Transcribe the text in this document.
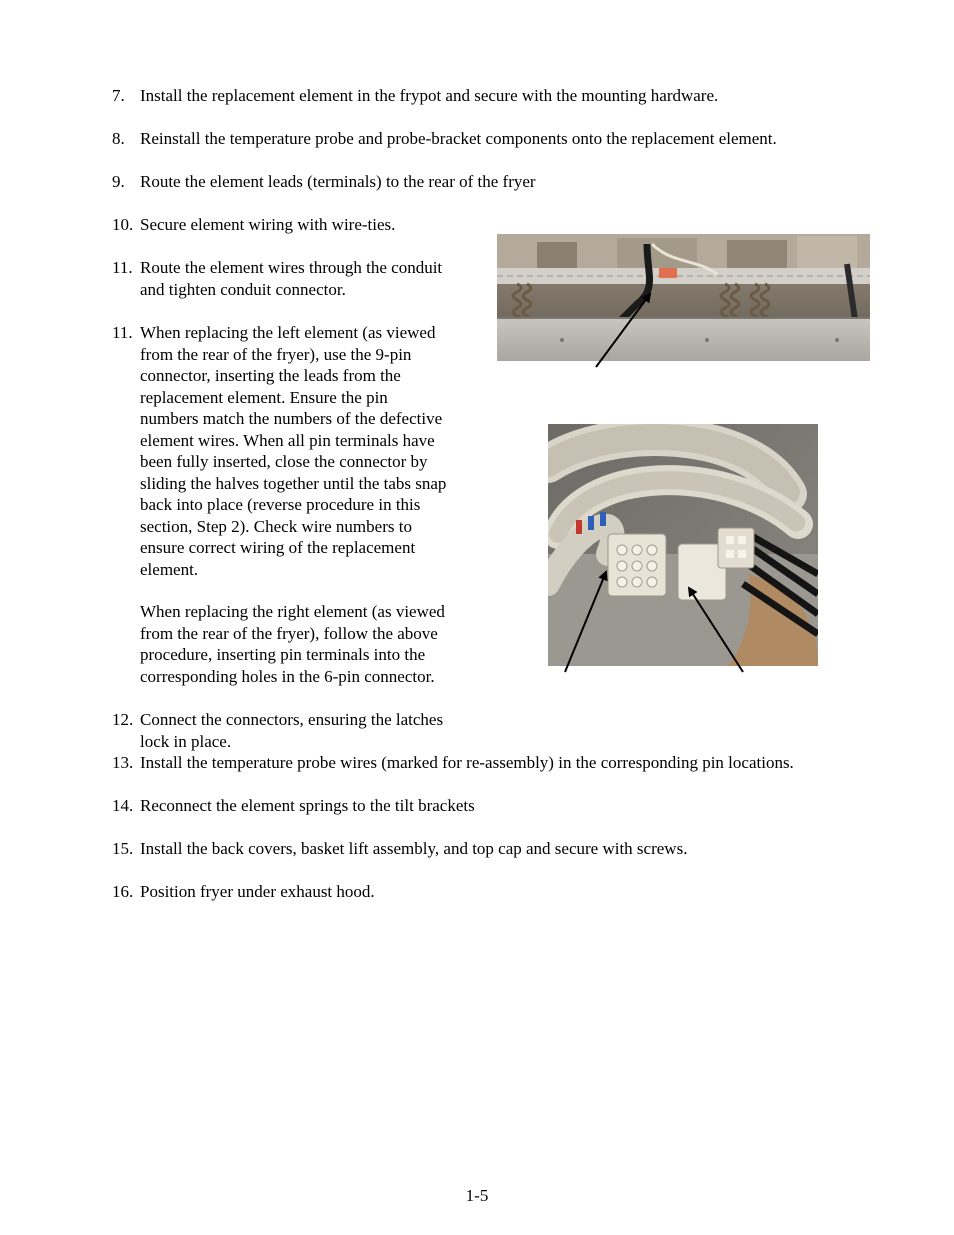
7. Install the replacement element in the frypot and secure with the mounting hardware.
8. Reinstall the temperature probe and probe-bracket components onto the replacement element.
9. Route the element leads (terminals) to the rear of the fryer
10. Secure element wiring with wire-ties.
11. Route the element wires through the conduit
and tighten conduit connector.
11. When replacing the left element (as viewed
from the rear of the fryer), use the 9-pin
connector, inserting the leads from the
replacement element. Ensure the pin
numbers match the numbers of the defective
element wires. When all pin terminals have
been fully inserted, close the connector by
sliding the halves together until the tabs snap
back into place (reverse procedure in this
section, Step 2). Check wire numbers to
ensure correct wiring of the replacement
element.
When replacing the right element (as viewed
from the rear of the fryer), follow the above
procedure, inserting pin terminals into the
corresponding holes in the 6-pin connector.
12. Connect the connectors, ensuring the latches
lock in place.
13. Install the temperature probe wires (marked for re-assembly) in the corresponding pin locations.
14. Reconnect the element springs to the tilt brackets
15. Install the back covers, basket lift assembly, and top cap and secure with screws.
16. Position fryer under exhaust hood.
1-5
